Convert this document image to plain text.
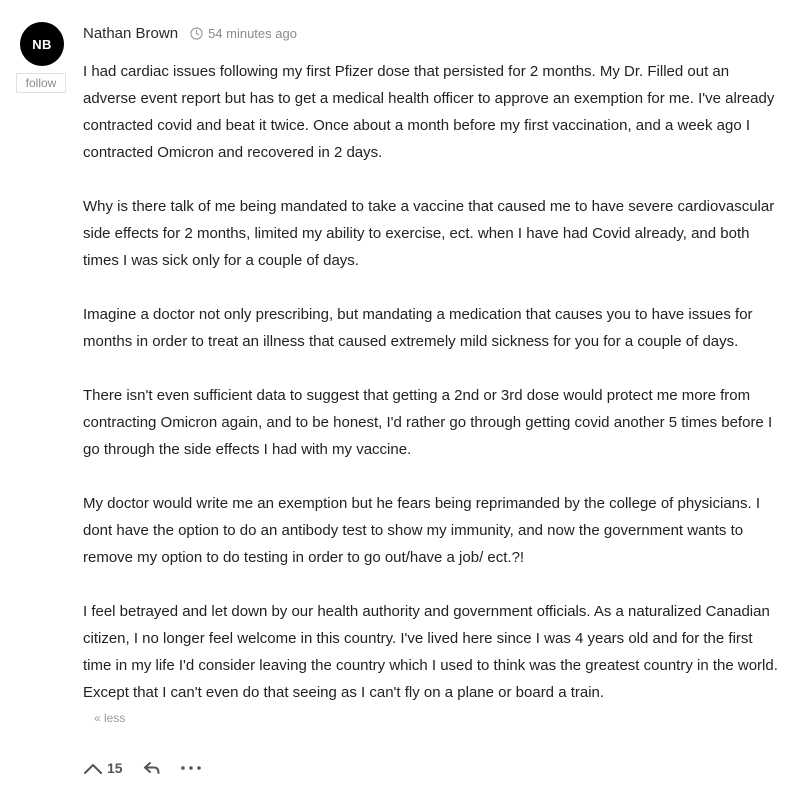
NB
follow
Nathan Brown 54 minutes ago

I had cardiac issues following my first Pfizer dose that persisted for 2 months. My Dr. Filled out an adverse event report but has to get a medical health officer to approve an exemption for me. I've already contracted covid and beat it twice. Once about a month before my first vaccination, and a week ago I contracted Omicron and recovered in 2 days.

Why is there talk of me being mandated to take a vaccine that caused me to have severe cardiovascular side effects for 2 months, limited my ability to exercise, ect. when I have had Covid already, and both times I was sick only for a couple of days.

Imagine a doctor not only prescribing, but mandating a medication that causes you to have issues for months in order to treat an illness that caused extremely mild sickness for you for a couple of days.

There isn't even sufficient data to suggest that getting a 2nd or 3rd dose would protect me more from contracting Omicron again, and to be honest, I'd rather go through getting covid another 5 times before I go through the side effects I had with my vaccine.

My doctor would write me an exemption but he fears being reprimanded by the college of physicians. I dont have the option to do an antibody test to show my immunity, and now the government wants to remove my option to do testing in order to go out/have a job/ ect.?!

I feel betrayed and let down by our health authority and government officials. As a naturalized Canadian citizen, I no longer feel welcome in this country. I've lived here since I was 4 years old and for the first time in my life I'd consider leaving the country which I used to think was the greatest country in the world. Except that I can't even do that seeing as I can't fly on a plane or board a train.

« less
15
